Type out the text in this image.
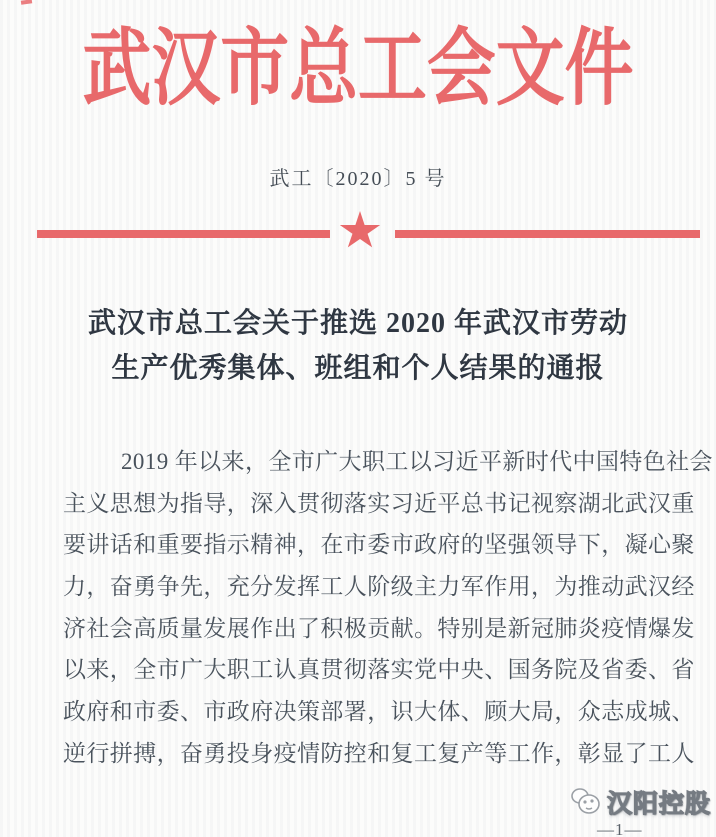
武汉市总工会文件
武工〔2020〕5 号
武汉市总工会关于推选 2020 年武汉市劳动
生产优秀集体、班组和个人结果的通报

2019 年以来，全市广大职工以习近平新时代中国特色社会

主义思想为指导，深入贯彻落实习近平总书记视察湖北武汉重

要讲话和重要指示精神，在市委市政府的坚强领导下，凝心聚

力，奋勇争先，充分发挥工人阶级主力军作用，为推动武汉经

济社会高质量发展作出了积极贡献。特别是新冠肺炎疫情爆发

以来，全市广大职工认真贯彻落实党中央、国务院及省委、省

政府和市委、市政府决策部署，识大体、顾大局，众志成城、

逆行拼搏，奋勇投身疫情防控和复工复产等工作，彰显了工人

汉阳控股
—1—
